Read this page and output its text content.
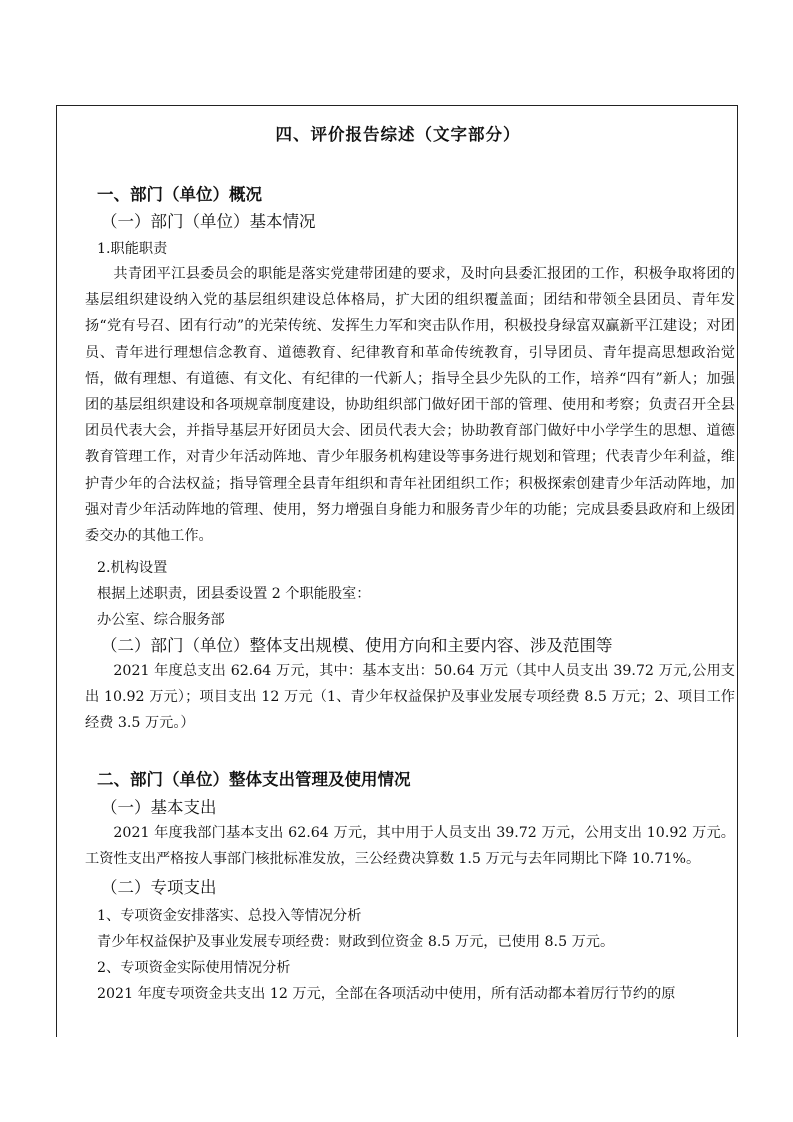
四、评价报告综述（文字部分）
一、部门（单位）概况
（一）部门（单位）基本情况
1.职能职责
共青团平江县委员会的职能是落实党建带团建的要求，及时向县委汇报团的工作，积极争取将团的基层组织建设纳入党的基层组织建设总体格局，扩大团的组织覆盖面；团结和带领全县团员、青年发扬“党有号召、团有行动”的光荣传统、发挥生力军和突击队作用，积极投身绿富双赢新平江建设；对团员、青年进行理想信念教育、道德教育、纪律教育和革命传统教育，引导团员、青年提高思想政治觉悟，做有理想、有道德、有文化、有纪律的一代新人；指导全县少先队的工作，培养“四有”新人；加强团的基层组织建设和各项规章制度建设，协助组织部门做好团干部的管理、使用和考察；负责召开全县团员代表大会，并指导基层开好团员大会、团员代表大会；协助教育部门做好中小学学生的思想、道德教育管理工作，对青少年活动阵地、青少年服务机构建设等事务进行规划和管理；代表青少年利益，维护青少年的合法权益；指导管理全县青年组织和青年社团组织工作；积极探索创建青少年活动阵地，加强对青少年活动阵地的管理、使用，努力增强自身能力和服务青少年的功能；完成县委县政府和上级团委交办的其他工作。
2.机构设置
根据上述职责，团县委设置 2 个职能股室：
办公室、综合服务部
（二）部门（单位）整体支出规模、使用方向和主要内容、涉及范围等
2021 年度总支出 62.64 万元，其中：基本支出：50.64 万元（其中人员支出 39.72 万元,公用支出 10.92 万元）；项目支出 12 万元（1、青少年权益保护及事业发展专项经费 8.5 万元；2、项目工作经费 3.5 万元。）
二、部门（单位）整体支出管理及使用情况
（一）基本支出
2021 年度我部门基本支出 62.64 万元，其中用于人员支出 39.72 万元，公用支出 10.92 万元。工资性支出严格按人事部门核批标准发放，三公经费决算数 1.5 万元与去年同期比下降 10.71%。
（二）专项支出
1、专项资金安排落实、总投入等情况分析
青少年权益保护及事业发展专项经费：财政到位资金 8.5 万元，已使用 8.5 万元。
2、专项资金实际使用情况分析
2021 年度专项资金共支出 12 万元，全部在各项活动中使用，所有活动都本着厉行节约的原
